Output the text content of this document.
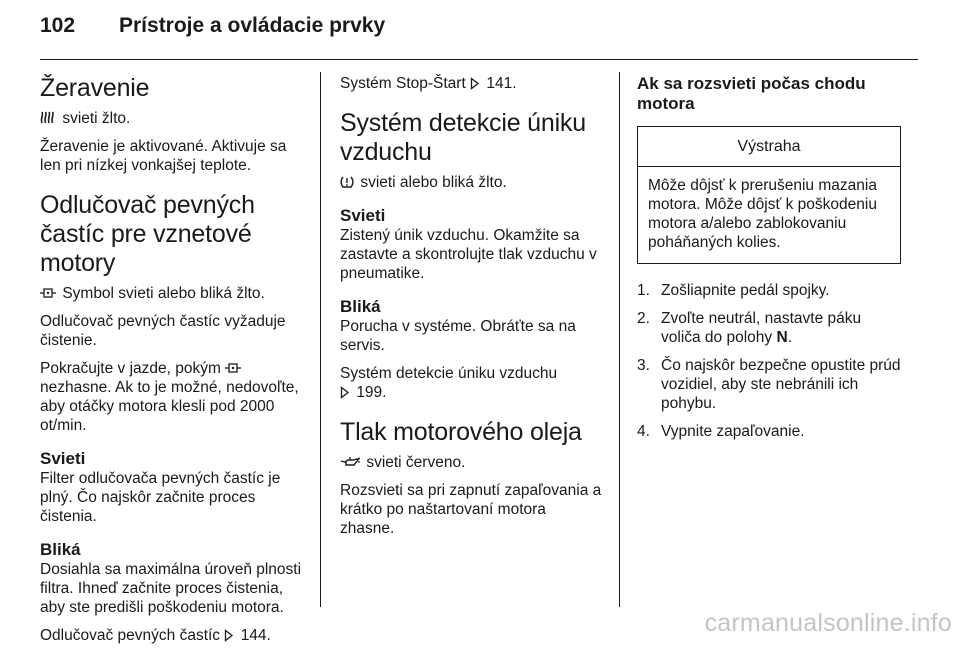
102 Prístroje a ovládacie prvky
Žeravenie

svieti žlto.

Žeravenie je aktivované. Aktivuje sa len pri nízkej vonkajšej teplote.

Odlučovač pevných častíc pre vznetové motory

Symbol svieti alebo bliká žlto.

Odlučovač pevných častíc vyžaduje čistenie.

Pokračujte v jazde, pokým
nezhasne. Ak to je možné, nedovoľte, aby otáčky motora klesli pod 2000 ot/min.

Svieti

Filter odlučovača pevných častíc je plný. Čo najskôr začnite proces čistenia.

Bliká

Dosiahla sa maximálna úroveň plnosti filtra. Ihneď začnite proces čistenia, aby ste predišli poškodeniu motora.

Odlučovač pevných častíc 144.

Systém Stop-Štart 141.

Systém detekcie úniku vzduchu

svieti alebo bliká žlto.

Svieti

Zistený únik vzduchu. Okamžite sa zastavte a skontrolujte tlak vzduchu v pneumatike.

Bliká

Porucha v systéme. Obráťte sa na servis.

Systém detekcie úniku vzduchu

199.

Tlak motorového oleja

svieti červeno.

Rozsvieti sa pri zapnutí zapaľovania a krátko po naštartovaní motora zhasne.

Ak sa rozsvieti počas chodu motora
Výstraha
Môže dôjsť k prerušeniu mazania motora. Môže dôjsť k poškodeniu motora a/alebo zablokovaniu poháňaných kolies.
1. Zošliapnite pedál spojky.
2. Zvoľte neutrál, nastavte páku voliča do polohy N.
3. Čo najskôr bezpečne opustite prúd vozidiel, aby ste nebránili ich pohybu.
4. Vypnite zapaľovanie.
carmanualsonline.info
